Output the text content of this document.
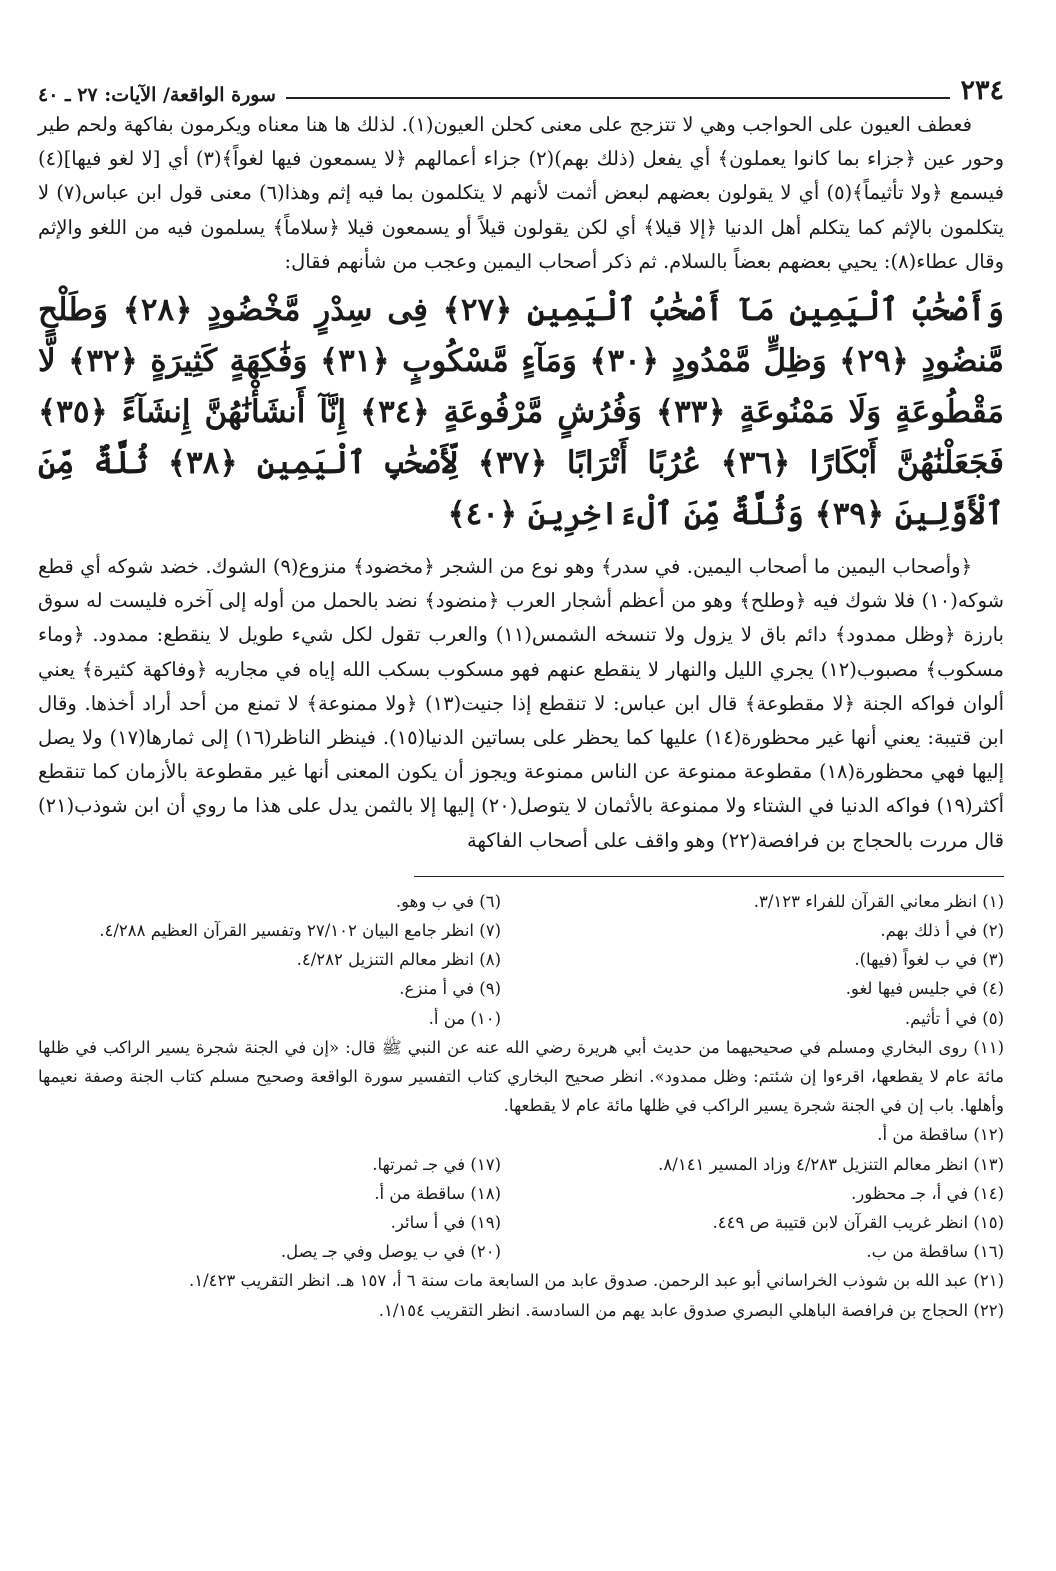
٢٣٤
سورة الواقعة/ الآيات: ٢٧ ـ ٤٠

فعطف العيون على الحواجب وهي لا تتزجج على معنى كحلن العيون(١). لذلك ها هنا معناه ويكرمون بفاكهة ولحم طير وحور عين ﴿جزاء بما كانوا يعملون﴾ أي يفعل (ذلك بهم)(٢) جزاء أعمالهم ﴿لا يسمعون فيها لغواً﴾(٣) أي [لا لغو فيها](٤) فيسمع ﴿ولا تأثيماً﴾(٥) أي لا يقولون بعضهم لبعض أثمت لأنهم لا يتكلمون بما فيه إثم وهذا(٦) معنى قول ابن عباس(٧) لا يتكلمون بالإثم كما يتكلم أهل الدنيا ﴿إلا قيلا﴾ أي لكن يقولون قيلاً أو يسمعون قيلا ﴿سلاماً﴾ يسلمون فيه من اللغو والإثم وقال عطاء(٨): يحيي بعضهم بعضاً بالسلام. ثم ذكر أصحاب اليمين وعجب من شأنهم فقال:

وَأَصْحَٰبُ ٱلْيَمِينِ مَآ أَصْحَٰبُ ٱلْيَمِينِ ﴿٢٧﴾ فِى سِدْرٍ مَّخْضُودٍ ﴿٢٨﴾ وَطَلْحٍ مَّنضُودٍ ﴿٢٩﴾ وَظِلٍّ مَّمْدُودٍ ﴿٣٠﴾ وَمَآءٍ مَّسْكُوبٍ ﴿٣١﴾ وَفَٰكِهَةٍ كَثِيرَةٍ ﴿٣٢﴾ لَّا مَقْطُوعَةٍ وَلَا مَمْنُوعَةٍ ﴿٣٣﴾ وَفُرُشٍ مَّرْفُوعَةٍ ﴿٣٤﴾ إِنَّآ أَنشَأْنَٰهُنَّ إِنشَآءً ﴿٣٥﴾ فَجَعَلْنَٰهُنَّ أَبْكَارًا ﴿٣٦﴾ عُرُبًا أَتْرَابًا ﴿٣٧﴾ لِّأَصْحَٰبِ ٱلْيَمِينِ ﴿٣٨﴾ ثُلَّةٌ مِّنَ ٱلْأَوَّلِينَ ﴿٣٩﴾ وَثُلَّةٌ مِّنَ ٱلْءَاخِرِينَ ﴿٤٠﴾

﴿وأصحاب اليمين ما أصحاب اليمين. في سدر﴾ وهو نوع من الشجر ﴿مخضود﴾ منزوع(٩) الشوك. خضد شوكه أي قطع شوكه(١٠) فلا شوك فيه ﴿وطلح﴾ وهو من أعظم أشجار العرب ﴿منضود﴾ نضد بالحمل من أوله إلى آخره فليست له سوق بارزة ﴿وظل ممدود﴾ دائم باق لا يزول ولا تنسخه الشمس(١١) والعرب تقول لكل شيء طويل لا ينقطع: ممدود. ﴿وماء مسكوب﴾ مصبوب(١٢) يجري الليل والنهار لا ينقطع عنهم فهو مسكوب بسكب الله إياه في مجاريه ﴿وفاكهة كثيرة﴾ يعني ألوان فواكه الجنة ﴿لا مقطوعة﴾ قال ابن عباس: لا تنقطع إذا جنيت(١٣) ﴿ولا ممنوعة﴾ لا تمنع من أحد أراد أخذها. وقال ابن قتيبة: يعني أنها غير محظورة(١٤) عليها كما يحظر على بساتين الدنيا(١٥). فينظر الناظر(١٦) إلى ثمارها(١٧) ولا يصل إليها فهي محظورة(١٨) مقطوعة ممنوعة عن الناس ممنوعة ويجوز أن يكون المعنى أنها غير مقطوعة بالأزمان كما تنقطع أكثر(١٩) فواكه الدنيا في الشتاء ولا ممنوعة بالأثمان لا يتوصل(٢٠) إليها إلا بالثمن يدل على هذا ما روي أن ابن شوذب(٢١) قال مررت بالحجاج بن فرافصة(٢٢) وهو واقف على أصحاب الفاكهة

(١) انظر معاني القرآن للفراء ٣/١٢٣.
(٢) في أ ذلك بهم.
(٣) في ب لغواً (فيها).
(٤) في جليس فيها لغو.
(٥) في أ تأثيم.
(٦) في ب وهو.
(٧) انظر جامع البيان ٢٧/١٠٢ وتفسير القرآن العظيم ٤/٢٨٨.
(٨) انظر معالم التنزيل ٤/٢٨٢.
(٩) في أ منزع.
(١٠) من أ.
(١١) روى البخاري ومسلم في صحيحيهما من حديث أبي هريرة رضي الله عنه عن النبي ﷺ قال: «إن في الجنة شجرة يسير الراكب في ظلها مائة عام لا يقطعها، اقرءوا إن شئتم: وظل ممدود». انظر صحيح البخاري كتاب التفسير سورة الواقعة وصحيح مسلم كتاب الجنة وصفة نعيمها وأهلها. باب إن في الجنة شجرة يسير الراكب في ظلها مائة عام لا يقطعها.
(١٢) ساقطة من أ.
(١٣) انظر معالم التنزيل ٤/٢٨٣ وزاد المسير ٨/١٤١.
(١٤) في أ، جـ محظور.
(١٥) انظر غريب القرآن لابن قتيبة ص ٤٤٩.
(١٦) ساقطة من ب.
(١٧) في جـ ثمرتها.
(١٨) ساقطة من أ.
(١٩) في أ سائر.
(٢٠) في ب يوصل وفي جـ يصل.
(٢١) عبد الله بن شوذب الخراساني أبو عبد الرحمن. صدوق عابد من السابعة مات سنة ٦ أ، ١٥٧ هـ. انظر التقريب ١/٤٢٣.
(٢٢) الحجاج بن فرافصة الباهلي البصري صدوق عابد يهم من السادسة. انظر التقريب ١/١٥٤.
